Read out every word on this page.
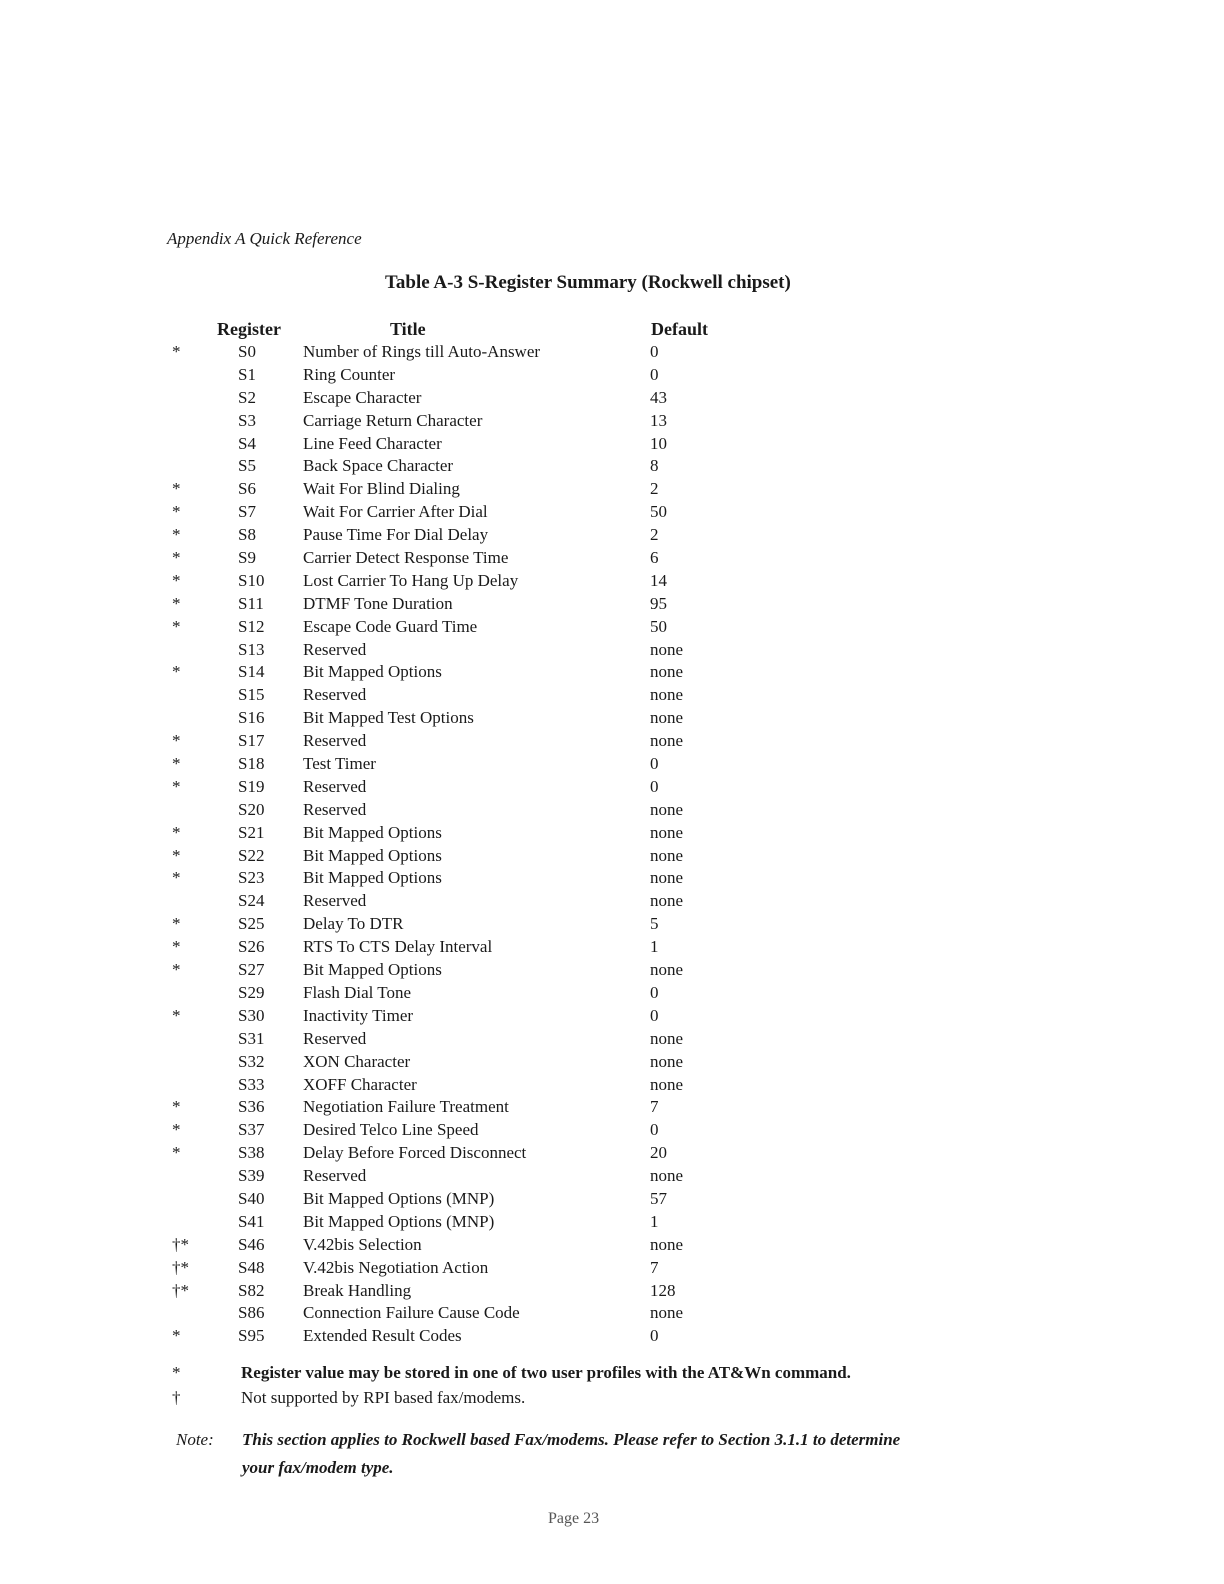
Appendix A Quick Reference
Table A-3 S-Register Summary (Rockwell chipset)
Register	Title	Default
*	S0	Number of Rings till Auto-Answer	0
S1	Ring Counter	0
S2	Escape Character	43
S3	Carriage Return Character	13
S4	Line Feed Character	10
S5	Back Space Character	8
*	S6	Wait For Blind Dialing	2
*	S7	Wait For Carrier After Dial	50
*	S8	Pause Time For Dial Delay	2
*	S9	Carrier Detect Response Time	6
*	S10 Lost Carrier To Hang Up Delay	14
*	S11 DTMF Tone Duration	95
*	S12 Escape Code Guard Time	50
S13 Reserved	none
*	S14 Bit Mapped Options	none
S15 Reserved	none
S16 Bit Mapped Test Options	none
*	S17 Reserved	none
*	S18 Test Timer	0
*	S19 Reserved	0
S20 Reserved	none
*	S21 Bit Mapped Options	none
*	S22 Bit Mapped Options	none
*	S23 Bit Mapped Options	none
S24 Reserved	none
*	S25 Delay To DTR	5
*	S26 RTS To CTS Delay Interval	1
*	S27 Bit Mapped Options	none
S29 Flash Dial Tone	0
*	S30 Inactivity Timer	0
S31 Reserved	none
S32 XON Character	none
S33 XOFF Character	none
*	S36 Negotiation Failure Treatment	7
*	S37 Desired Telco Line Speed	0
*	S38 Delay Before Forced Disconnect	20
S39 Reserved	none
S40 Bit Mapped Options (MNP)	57
S41 Bit Mapped Options (MNP)	1
†*	S46 V.42bis Selection	none
†*	S48 V.42bis Negotiation Action	7
†*	S82 Break Handling	128
S86 Connection Failure Cause Code	none
*	S95 Extended Result Codes	0
*	Register value may be stored in one of two user profiles with the AT&Wn command.
†	Not supported by RPI based fax/modems.
Note: This section applies to Rockwell based Fax/modems. Please refer to Section 3.1.1 to determine
your fax/modem type.
Page 23
